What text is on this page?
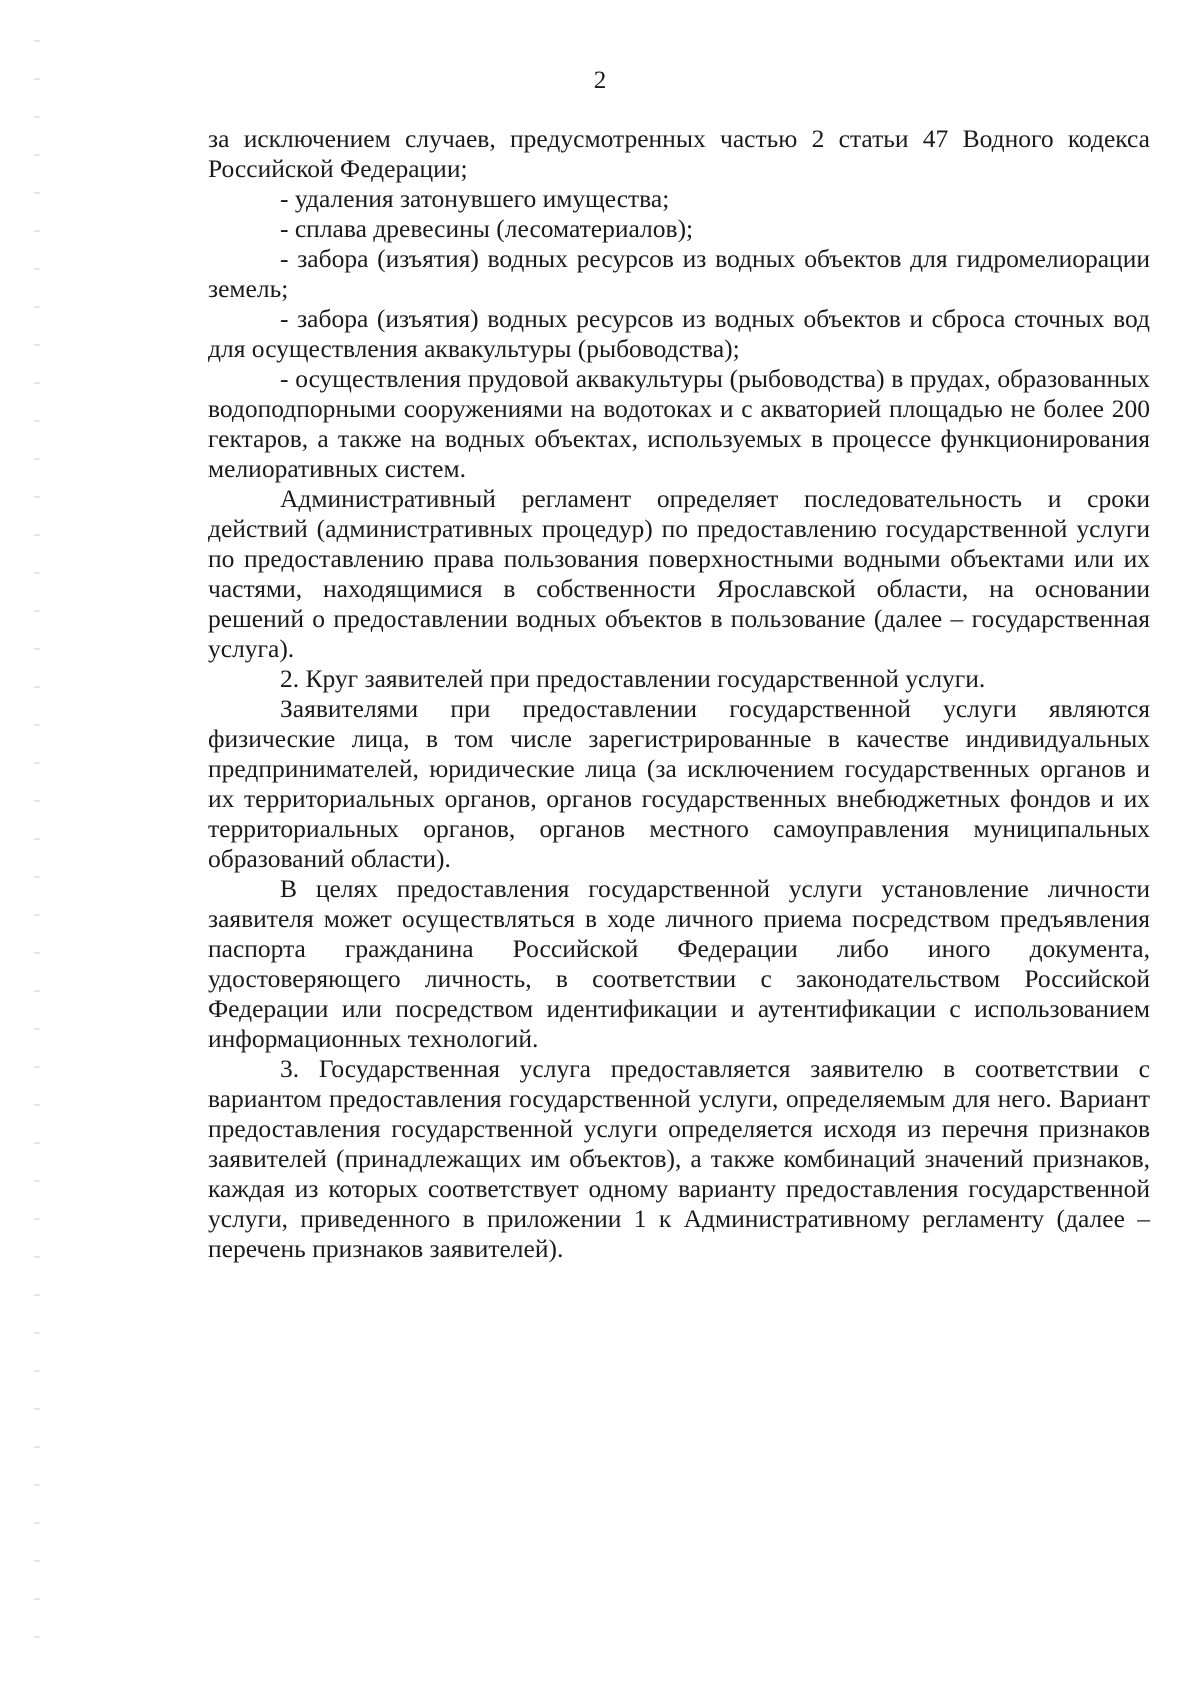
2

за исключением случаев, предусмотренных частью 2 статьи 47 Водного кодекса Российской Федерации;

- удаления затонувшего имущества;

- сплава древесины (лесоматериалов);

- забора (изъятия) водных ресурсов из водных объектов для гидромелиорации земель;

- забора (изъятия) водных ресурсов из водных объектов и сброса сточных вод для осуществления аквакультуры (рыбоводства);

- осуществления прудовой аквакультуры (рыбоводства) в прудах, образованных водоподпорными сооружениями на водотоках и с акваторией площадью не более 200 гектаров, а также на водных объектах, используемых в процессе функционирования мелиоративных систем.

Административный регламент определяет последовательность и сроки действий (административных процедур) по предоставлению государственной услуги по предоставлению права пользования поверхностными водными объектами или их частями, находящимися в собственности Ярославской области, на основании решений о предоставлении водных объектов в пользование (далее – государственная услуга).

2. Круг заявителей при предоставлении государственной услуги.

Заявителями при предоставлении государственной услуги являются физические лица, в том числе зарегистрированные в качестве индивидуальных предпринимателей, юридические лица (за исключением государственных органов и их территориальных органов, органов государственных внебюджетных фондов и их территориальных органов, органов местного самоуправления муниципальных образований области).

В целях предоставления государственной услуги установление личности заявителя может осуществляться в ходе личного приема посредством предъявления паспорта гражданина Российской Федерации либо иного документа, удостоверяющего личность, в соответствии с законодательством Российской Федерации или посредством идентификации и аутентификации с использованием информационных технологий.

3. Государственная услуга предоставляется заявителю в соответствии с вариантом предоставления государственной услуги, определяемым для него. Вариант предоставления государственной услуги определяется исходя из перечня признаков заявителей (принадлежащих им объектов), а также комбинаций значений признаков, каждая из которых соответствует одному варианту предоставления государственной услуги, приведенного в приложении 1 к Административному регламенту (далее – перечень признаков заявителей).
